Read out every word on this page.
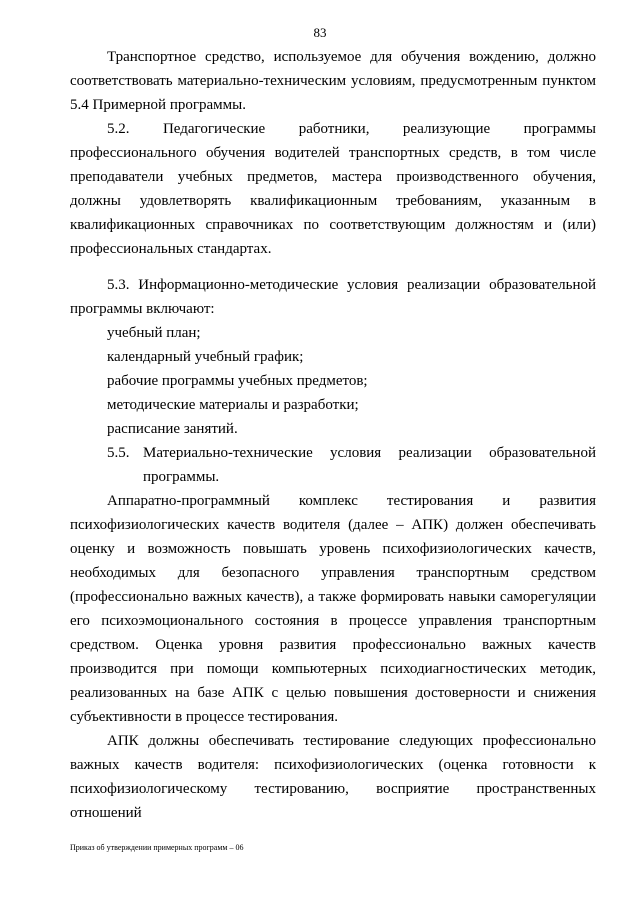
83

Транспортное средство, используемое для обучения вождению, должно соответствовать материально-техническим условиям, предусмотренным пунктом 5.4 Примерной программы.

5.2. Педагогические работники, реализующие программы профессионального обучения водителей транспортных средств, в том числе преподаватели учебных предметов, мастера производственного обучения, должны удовлетворять квалификационным требованиям, указанным в квалификационных справочниках по соответствующим должностям и (или) профессиональных стандартах.

5.3. Информационно-методические условия реализации образовательной программы включают:

учебный план;

календарный учебный график;

рабочие программы учебных предметов;

методические материалы и разработки;

расписание занятий.

5.5. Материально-технические условия реализации образовательной

программы.

Аппаратно-программный комплекс тестирования и развития психофизиологических качеств водителя (далее – АПК) должен обеспечивать оценку и возможность повышать уровень психофизиологических качеств, необходимых для безопасного управления транспортным средством (профессионально важных качеств), а также формировать навыки саморегуляции его психоэмоционального состояния в процессе управления транспортным средством. Оценка уровня развития профессионально важных качеств производится при помощи компьютерных психодиагностических методик, реализованных на базе АПК с целью повышения достоверности и снижения субъективности в процессе тестирования.

АПК должны обеспечивать тестирование следующих профессионально важных качеств водителя: психофизиологических (оценка готовности к психофизиологическому тестированию, восприятие пространственных отношений

Приказ об утверждении примерных программ – 06
